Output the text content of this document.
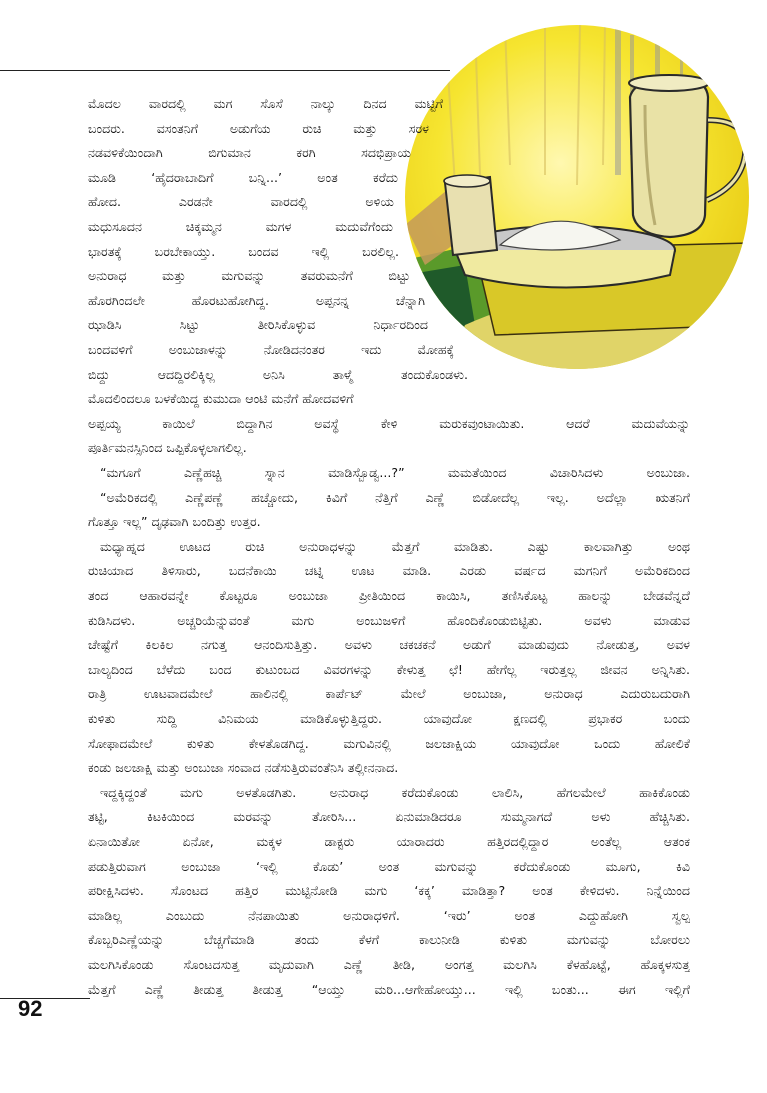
ಮೊದಲ ವಾರದಲ್ಲಿ ಮಗ ಸೊಸೆ ನಾಲ್ಕು ದಿನದ ಮಟ್ಟಿಗೆ
ಬಂದರು. ವಸಂತನಿಗೆ ಅಡುಗೆಯ ರುಚಿ ಮತ್ತು ಸರಳ
ನಡವಳಿಕೆಯಿಂದಾಗಿ ಬಿಗುಮಾನ ಕರಗಿ ಸದಭಿಪ್ರಾಯ
ಮೂಡಿ ‘ಹೈದರಾಬಾದಿಗೆ ಬನ್ನಿ...’ ಅಂತ ಕರೆದು
ಹೋದ. ಎರಡನೇ ವಾರದಲ್ಲಿ ಅಳಿಯ
ಮಧುಸೂದನ ಚಿಕ್ಕಮ್ಮನ ಮಗಳ ಮದುವೆಗೆಂದು
ಭಾರತಕ್ಕೆ ಬರಬೇಕಾಯ್ತು. ಬಂದವ ಇಲ್ಲಿ ಬರಲಿಲ್ಲ.
ಅನುರಾಧ ಮತ್ತು ಮಗುವನ್ನು ತವರುಮನೆಗೆ ಬಿಟ್ಟು
ಹೊರಗಿಂದಲೇ ಹೊರಟುಹೋಗಿದ್ದ. ಅಪ್ಪನನ್ನ ಚೆನ್ನಾಗಿ
ಝಾಡಿಸಿ ಸಿಟ್ಟು ತೀರಿಸಿಕೊಳ್ಳುವ ನಿರ್ಧಾರದಿಂದ
ಬಂದವಳಿಗೆ ಅಂಬುಜಾಳನ್ನು ನೋಡಿದನಂತರ ಇದು ಮೋಹಕ್ಕೆ
ಬಿದ್ದು ಆದದ್ದಿರಲಿಕ್ಕಿಲ್ಲ ಅನಿಸಿ ತಾಳ್ಮೆ ತಂದುಕೊಂಡಳು.
ಮೊದಲಿಂದಲೂ ಬಳಕೆಯಿದ್ದ ಕುಮುದಾ ಆಂಟಿ ಮನೆಗೆ ಹೋದವಳಿಗೆ
ಅಪ್ಪಯ್ಯ ಕಾಯಿಲೆ ಬಿದ್ದಾಗಿನ ಅವಸ್ಥೆ ಕೇಳಿ ಮರುಕವುಂಟಾಯಿತು. ಆದರೆ ಮದುವೆಯನ್ನು
ಪೂರ್ತಿಮನಸ್ಸಿನಿಂದ ಒಪ್ಪಿಕೊಳ್ಳಲಾಗಲಿಲ್ಲ.
“ಮಗೂಗೆ ಎಣ್ಣೆಹಚ್ಚಿ ಸ್ನಾನ ಮಾಡಿಸ್ಬೊಡ್ವ...?” ಮಮತೆಯಿಂದ ವಿಚಾರಿಸಿದಳು ಅಂಬುಜಾ.
“ಅಮೆರಿಕದಲ್ಲಿ ಎಣ್ಣೆಪಣ್ಣೆ ಹಚ್ಚೋದು, ಕಿವಿಗೆ ನೆತ್ತಿಗೆ ಎಣ್ಣೆ ಬಿಡೋದೆಲ್ಲ ಇಲ್ಲ. ಅದೆಲ್ಲಾ ಋತನಿಗೆ
ಗೊತ್ತೂ ಇಲ್ಲ” ದೃಢವಾಗಿ ಬಂದಿತ್ತು ಉತ್ತರ.
ಮಧ್ಯಾಹ್ನದ ಊಟದ ರುಚಿ ಅನುರಾಧಳನ್ನು ಮೆತ್ತಗೆ ಮಾಡಿತು. ಎಷ್ಟು ಕಾಲವಾಗಿತ್ತು ಅಂಥ
ರುಚಿಯಾದ ತಿಳಿಸಾರು, ಬದನೆಕಾಯಿ ಚಟ್ನಿ ಊಟ ಮಾಡಿ. ಎರಡು ವರ್ಷದ ಮಗನಿಗೆ ಅಮೆರಿಕದಿಂದ
ತಂದ ಆಹಾರವನ್ನೇ ಕೊಟ್ಟರೂ ಅಂಬುಜಾ ಪ್ರೀತಿಯಿಂದ ಕಾಯಿಸಿ, ತಣಿಸಿಕೊಟ್ಟ ಹಾಲನ್ನು ಬೇಡವೆನ್ನದೆ
ಕುಡಿಸಿದಳು. ಅಚ್ಚರಿಯೆನ್ನುವಂತೆ ಮಗು ಅಂಬುಜಳಿಗೆ ಹೊಂದಿಕೊಂಡುಬಿಟ್ಟಿತು. ಅವಳು ಮಾಡುವ
ಚೇಷ್ಟೆಗೆ ಕಿಲಕಿಲ ನಗುತ್ತ ಆನಂದಿಸುತ್ತಿತ್ತು. ಅವಳು ಚಕಚಕನೆ ಅಡುಗೆ ಮಾಡುವುದು ನೋಡುತ್ತ, ಅವಳ
ಬಾಲ್ಯದಿಂದ ಬೆಳೆದು ಬಂದ ಕುಟುಂಬದ ವಿವರಗಳನ್ನು ಕೇಳುತ್ತ ಛೆ! ಹೇಗೆಲ್ಲ ಇರುತ್ತಲ್ಲ ಜೀವನ ಅನ್ನಿಸಿತು.
ರಾತ್ರಿ ಊಟವಾದಮೇಲೆ ಹಾಲಿನಲ್ಲಿ ಕಾರ್ಪೆಟ್ ಮೇಲೆ ಅಂಬುಜಾ, ಅನುರಾಧ ಎದುರುಬದುರಾಗಿ
ಕುಳಿತು ಸುದ್ದಿ ವಿನಿಮಯ ಮಾಡಿಕೊಳ್ಳುತ್ತಿದ್ದರು. ಯಾವುದೋ ಕ್ಷಣದಲ್ಲಿ ಪ್ರಭಾಕರ ಬಂದು
ಸೋಫಾದಮೇಲೆ ಕುಳಿತು ಕೇಳತೊಡಗಿದ್ದ. ಮಗುವಿನಲ್ಲಿ ಜಲಜಾಕ್ಷಿಯ ಯಾವುದೋ ಒಂದು ಹೋಲಿಕೆ
ಕಂಡು ಜಲಜಾಕ್ಷಿ ಮತ್ತು ಅಂಬುಜಾ ಸಂವಾದ ನಡೆಸುತ್ತಿರುವಂತೆನಿಸಿ ತಲ್ಲೀನನಾದ.
ಇದ್ದಕ್ಕಿದ್ದಂತೆ ಮಗು ಅಳತೊಡಗಿತು. ಅನುರಾಧ ಕರೆದುಕೊಂಡು ಲಾಲಿಸಿ, ಹೆಗಲಮೇಲೆ ಹಾಕಿಕೊಂಡು
ತಟ್ಟಿ, ಕಿಟಕಿಯಿಂದ ಮರವನ್ನು ತೋರಿಸಿ... ಏನುಮಾಡಿದರೂ ಸುಮ್ಮನಾಗದೆ ಅಳು ಹೆಚ್ಚಿಸಿತು.
ಏನಾಯಿತೋ ಏನೋ, ಮಕ್ಕಳ ಡಾಕ್ಟರು ಯಾರಾದರು ಹತ್ತಿರದಲ್ಲಿದ್ದಾರ ಅಂತೆಲ್ಲ ಆತಂಕ
ಪಡುತ್ತಿರುವಾಗ ಅಂಬುಜಾ ‘ಇಲ್ಲಿ ಕೊಡು’ ಅಂತ ಮಗುವನ್ನು ಕರೆದುಕೊಂಡು ಮೂಗು, ಕಿವಿ
ಪರೀಕ್ಷಿಸಿದಳು. ಸೊಂಟದ ಹತ್ತಿರ ಮುಟ್ಟಿನೋಡಿ ಮಗು ‘ಕಕ್ಕ’ ಮಾಡಿತ್ತಾ? ಅಂತ ಕೇಳಿದಳು. ನಿನ್ನೆಯಿಂದ
ಮಾಡಿಲ್ಲ ಎಂಬುದು ನೆನಪಾಯಿತು ಅನುರಾಧಳಿಗೆ. ‘ಇರು’ ಅಂತ ಎದ್ದುಹೋಗಿ ಸ್ವಲ್ಪ
ಕೊಬ್ಬರಿಎಣ್ಣೆಯನ್ನು ಬೆಚ್ಚಗೆಮಾಡಿ ತಂದು ಕೆಳಗೆ ಕಾಲುನೀಡಿ ಕುಳಿತು ಮಗುವನ್ನು ಬೋರಲು
ಮಲಗಿಸಿಕೊಂಡು ಸೊಂಟದಸುತ್ತ ಮೃದುವಾಗಿ ಎಣ್ಣೆ ತೀಡಿ, ಅಂಗತ್ತ ಮಲಗಿಸಿ ಕೆಳಹೊಟ್ಟೆ, ಹೊಕ್ಕಳಸುತ್ತ
ಮೆತ್ತಗೆ ಎಣ್ಣೆ ತೀಡುತ್ತ ತೀಡುತ್ತ “ಆಯ್ತು ಮರಿ...ಆಗೇಹೋಯ್ತು... ಇಲ್ಲಿ ಬಂತು... ಈಗ ಇಲ್ಲಿಗೆ
92
